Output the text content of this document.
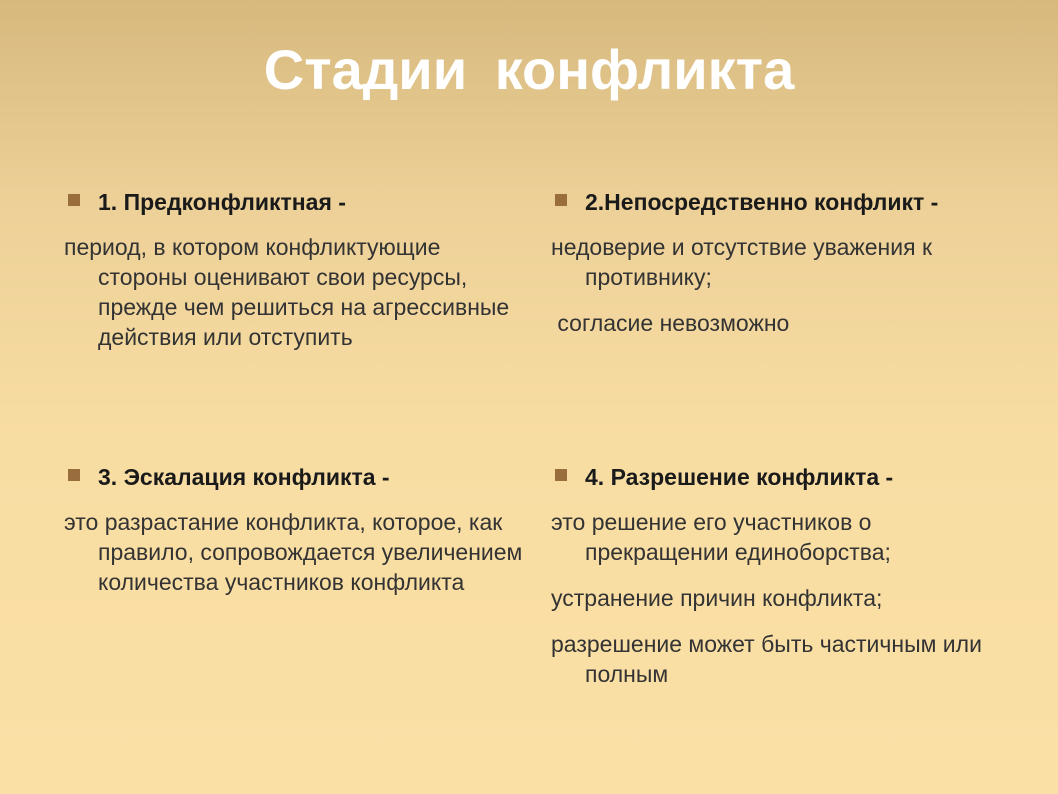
Стадии конфликта
1. Предконфликтная -
период, в котором конфликтующие стороны оценивают свои ресурсы, прежде чем решиться на агрессивные действия или отступить
2.Непосредственно конфликт -
недоверие и отсутствие уважения к противнику;
согласие невозможно
3. Эскалация конфликта -
это разрастание конфликта, которое, как правило, сопровождается увеличением количества участников конфликта
4. Разрешение конфликта -
это решение его участников о прекращении единоборства;
устранение причин конфликта;
разрешение может быть частичным или полным
